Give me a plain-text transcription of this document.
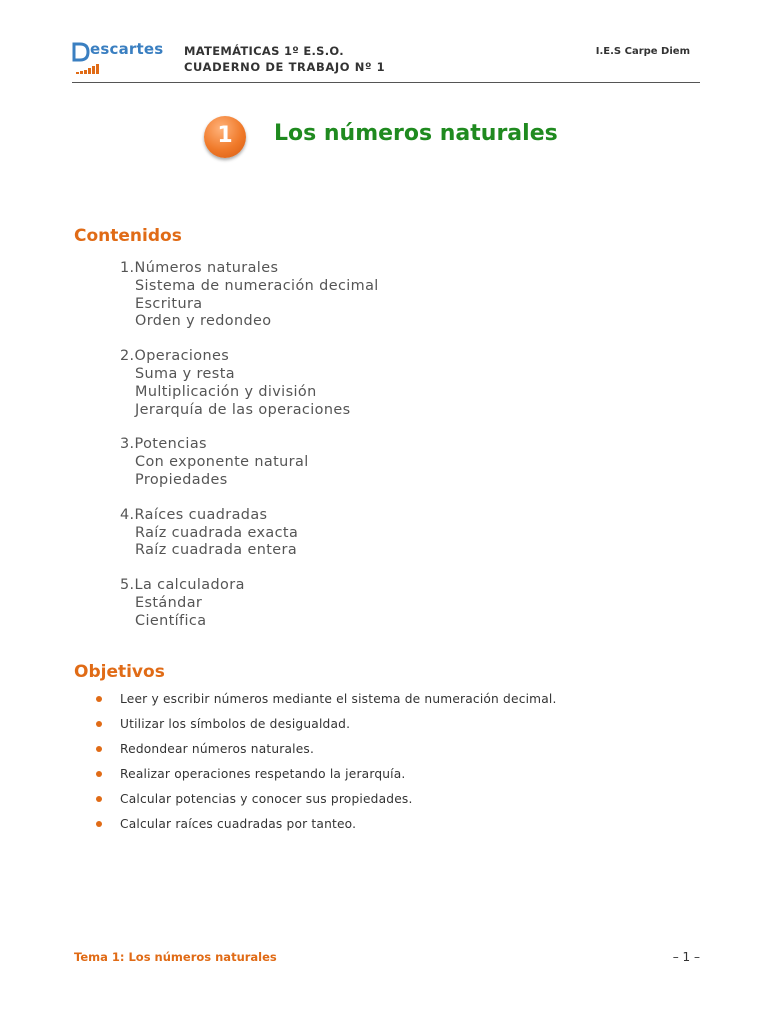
escartes MATEMÁTICAS 1º E.S.O.
CUADERNO DE TRABAJO Nº 1
I.E.S Carpe Diem
1	Los números naturales
Contenidos
1.Números naturales
Sistema de numeración decimal
Escritura
Orden y redondeo
2.Operaciones
Suma y resta
Multiplicación y división
Jerarquía de las operaciones
3.Potencias
Con exponente natural
Propiedades
4.Raíces cuadradas
Raíz cuadrada exacta
Raíz cuadrada entera
5.La calculadora
Estándar
Científica
Objetivos
Leer y escribir números mediante el sistema de numeración decimal.
Utilizar los símbolos de desigualdad.
Redondear números naturales.
Realizar operaciones respetando la jerarquía.
Calcular potencias y conocer sus propiedades.
Calcular raíces cuadradas por tanteo.
Tema 1: Los números naturales	– 1 –
